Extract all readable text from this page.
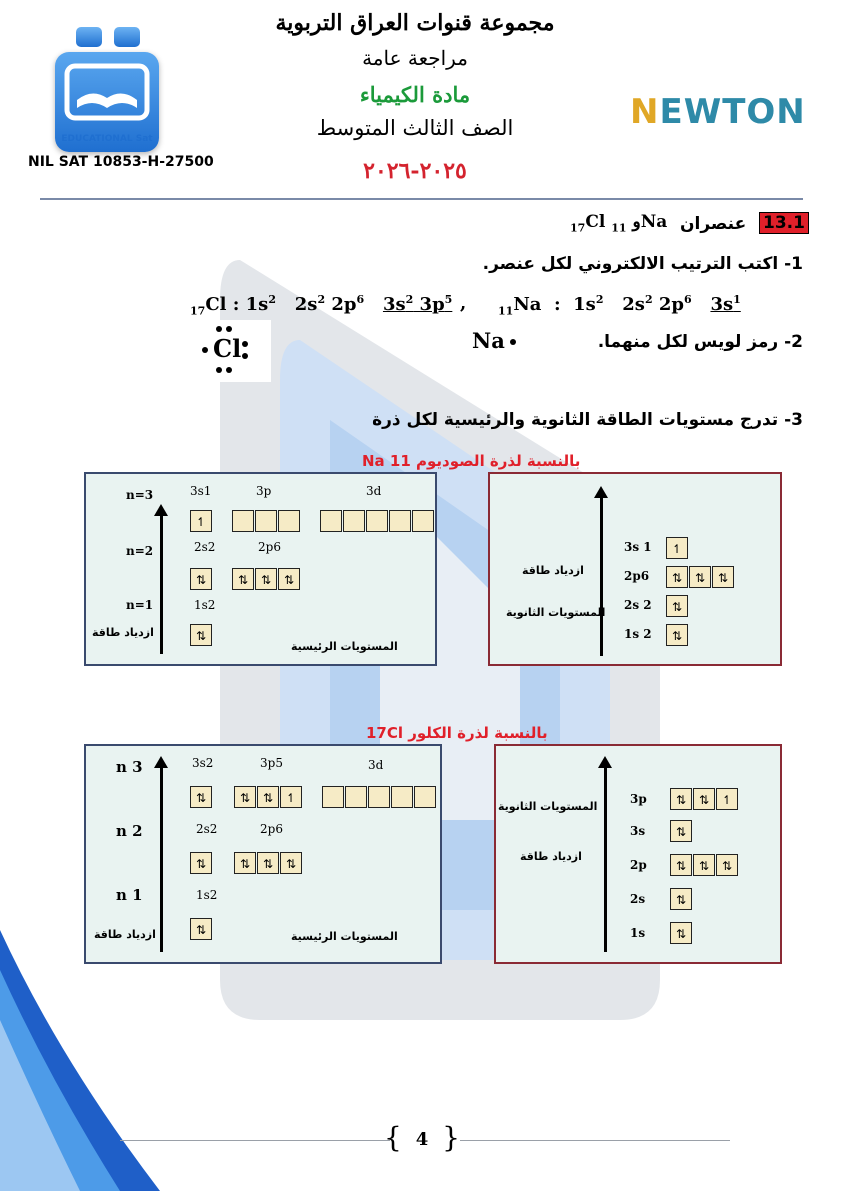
EDUCATIONAL Sat
NIL SAT 10853-H-27500
مجموعة قنوات العراق التربوية
مراجعة عامة
مادة الكيمياء
الصف الثالث المتوسط
٢٠٢٥-٢٠٢٦
NEWTON
13.1
عنصران
$_{17}$Cl و $_{11}$ Na
1- اكتب الترتيب الالكتروني لكل عنصر.
$_{17}$Cl : $1s^2$   $2s^2$ $2p^6$ $3s^2$ $3p^5$ ,	$_{11}$Na  :  $1s^2$   $2s^2$ $2p^6$ $3s^1$
Cl	Na	2- رمز لويس لكل منهما.
3- تدرج مستويات الطاقة الثانوية والرئيسية لكل ذرة
بالنسبة لذرة الصوديوم 11 Na
n=3
n=2
n=1
ازدياد طاقة
3s1	3p	3d
2s2	2p6
1s2
المستويات الرئيسية
↿
⇅	⇅	⇅	⇅
⇅
ازدياد طاقة
المستويات الثانوية
3s 1
2p6
2s 2
1s 2
↿
⇅	⇅	⇅
⇅
⇅
بالنسبة لذرة الكلور 17Cl
n 3
n 2
n 1
ازدياد طاقة
3s2	3p5	3d
2s2	2p6
1s2
المستويات الرئيسية
⇅	⇅	⇅	↿
⇅	⇅	⇅	⇅
⇅
المستويات الثانوية
ازدياد طاقة
3p
3s
2p
2s
1s
⇅	⇅	↿
⇅
⇅	⇅	⇅
⇅
⇅
{ 4 }
